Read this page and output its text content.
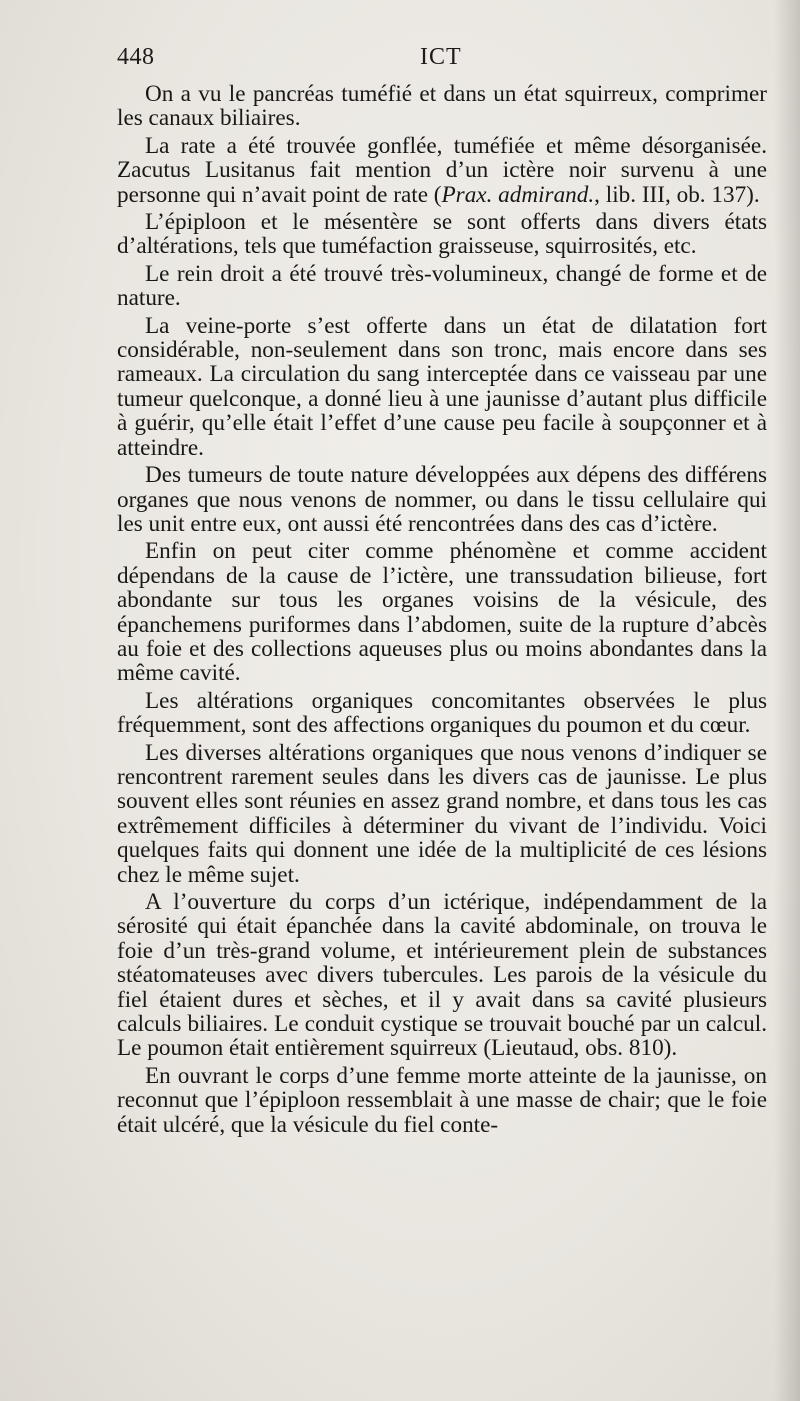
448	ICT

On a vu le pancréas tuméfié et dans un état squirreux, comprimer les canaux biliaires.

La rate a été trouvée gonflée, tuméfiée et même désorganisée. Zacutus Lusitanus fait mention d’un ictère noir survenu à une personne qui n’avait point de rate (Prax. admirand., lib. III, ob. 137).

L’épiploon et le mésentère se sont offerts dans divers états d’altérations, tels que tuméfaction graisseuse, squirrosités, etc.

Le rein droit a été trouvé très-volumineux, changé de forme et de nature.

La veine-porte s’est offerte dans un état de dilatation fort considérable, non-seulement dans son tronc, mais encore dans ses rameaux. La circulation du sang interceptée dans ce vaisseau par une tumeur quelconque, a donné lieu à une jaunisse d’autant plus difficile à guérir, qu’elle était l’effet d’une cause peu facile à soupçonner et à atteindre.

Des tumeurs de toute nature développées aux dépens des différens organes que nous venons de nommer, ou dans le tissu cellulaire qui les unit entre eux, ont aussi été rencontrées dans des cas d’ictère.

Enfin on peut citer comme phénomène et comme accident dépendans de la cause de l’ictère, une transsudation bilieuse, fort abondante sur tous les organes voisins de la vésicule, des épanchemens puriformes dans l’abdomen, suite de la rupture d’abcès au foie et des collections aqueuses plus ou moins abondantes dans la même cavité.

Les altérations organiques concomitantes observées le plus fréquemment, sont des affections organiques du poumon et du cœur.

Les diverses altérations organiques que nous venons d’indiquer se rencontrent rarement seules dans les divers cas de jaunisse. Le plus souvent elles sont réunies en assez grand nombre, et dans tous les cas extrêmement difficiles à déterminer du vivant de l’individu. Voici quelques faits qui donnent une idée de la multiplicité de ces lésions chez le même sujet.

A l’ouverture du corps d’un ictérique, indépendamment de la sérosité qui était épanchée dans la cavité abdominale, on trouva le foie d’un très-grand volume, et intérieurement plein de substances stéatomateuses avec divers tubercules. Les parois de la vésicule du fiel étaient dures et sèches, et il y avait dans sa cavité plusieurs calculs biliaires. Le conduit cystique se trouvait bouché par un calcul. Le poumon était entièrement squirreux (Lieutaud, obs. 810).

En ouvrant le corps d’une femme morte atteinte de la jaunisse, on reconnut que l’épiploon ressemblait à une masse de chair; que le foie était ulcéré, que la vésicule du fiel conte-
